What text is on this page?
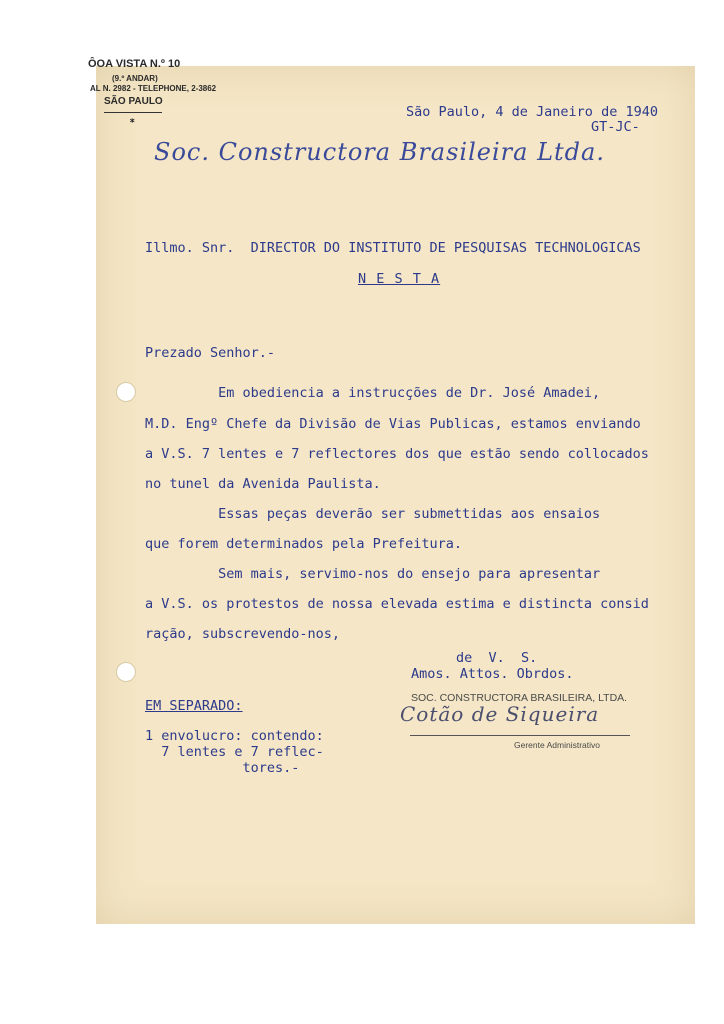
ÔOA VISTA N.º 10
(9.º ANDAR)
AL N. 2982 - TELEPHONE, 2-3862
SÃO PAULO
⁎	São Paulo, 4 de Janeiro de 1940
GT-JC-
Soc. Constructora Brasileira Ltda.
Illmo. Snr.  DIRECTOR DO INSTITUTO DE PESQUISAS TECHNOLOGICAS
N E S T A
Prezado Senhor.-
Em obediencia a instrucções de Dr. José Amadei,
M.D. Engº Chefe da Divisão de Vias Publicas, estamos enviando
a V.S. 7 lentes e 7 reflectores dos que estão sendo collocados
no tunel da Avenida Paulista.
Essas peças deverão ser submettidas aos ensaios
que forem determinados pela Prefeitura.
Sem mais, servimo-nos do ensejo para apresentar
a V.S. os protestos de nossa elevada estima e distincta consid
ração, subscrevendo-nos,
de  V.  S.
Amos. Attos. Obrdos.
SOC. CONSTRUCTORA BRASILEIRA, LTDA.
Cotão de Siqueira
Gerente Administrativo
EM SEPARADO:
1 envolucro: contendo:
7 lentes e 7 reflec-
tores.-
